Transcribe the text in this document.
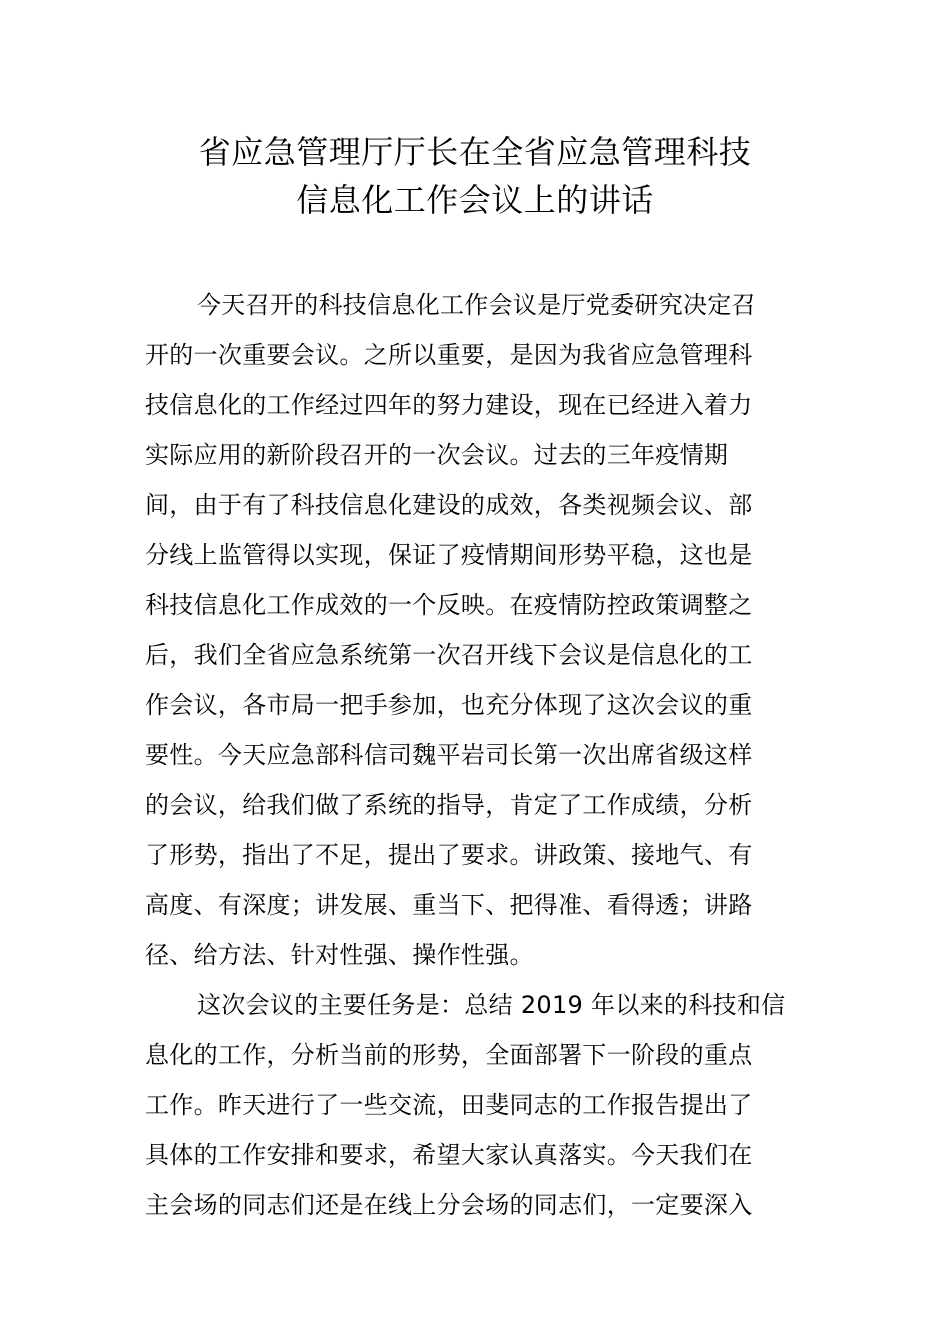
省应急管理厅厅长在全省应急管理科技
信息化工作会议上的讲话
今天召开的科技信息化工作会议是厅党委研究决定召
开的一次重要会议。之所以重要，是因为我省应急管理科
技信息化的工作经过四年的努力建设，现在已经进入着力
实际应用的新阶段召开的一次会议。过去的三年疫情期
间，由于有了科技信息化建设的成效，各类视频会议、部
分线上监管得以实现，保证了疫情期间形势平稳，这也是
科技信息化工作成效的一个反映。在疫情防控政策调整之
后，我们全省应急系统第一次召开线下会议是信息化的工
作会议，各市局一把手参加，也充分体现了这次会议的重
要性。今天应急部科信司魏平岩司长第一次出席省级这样
的会议，给我们做了系统的指导，肯定了工作成绩，分析
了形势，指出了不足，提出了要求。讲政策、接地气、有
高度、有深度；讲发展、重当下、把得准、看得透；讲路
径、给方法、针对性强、操作性强。
这次会议的主要任务是：总结 2019 年以来的科技和信
息化的工作，分析当前的形势，全面部署下一阶段的重点
工作。昨天进行了一些交流，田斐同志的工作报告提出了
具体的工作安排和要求，希望大家认真落实。今天我们在
主会场的同志们还是在线上分会场的同志们，一定要深入
